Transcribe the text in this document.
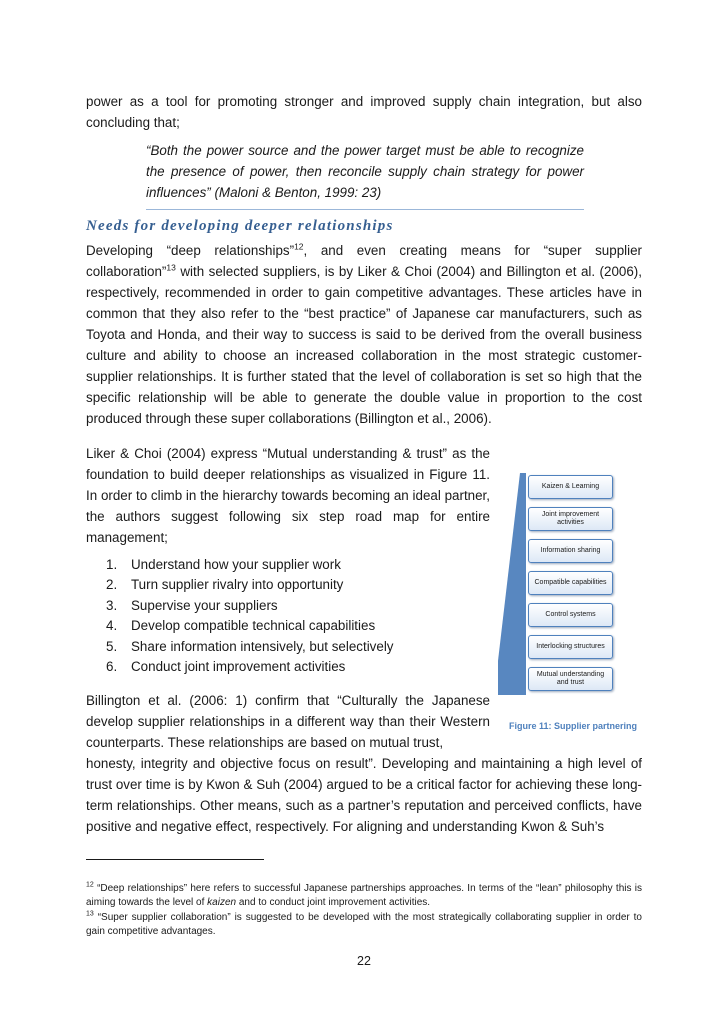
power as a tool for promoting stronger and improved supply chain integration, but also concluding that;

“Both the power source and the power target must be able to recognize the presence of power, then reconcile supply chain strategy for power influences” (Maloni & Benton, 1999: 23)

Needs for developing deeper relationships

Developing “deep relationships”$^{12}$, and even creating means for “super supplier collaboration”$^{13}$ with selected suppliers, is by Liker & Choi (2004) and Billington et al. (2006), respectively, recommended in order to gain competitive advantages. These articles have in common that they also refer to the “best practice” of Japanese car manufacturers, such as Toyota and Honda, and their way to success is said to be derived from the overall business culture and ability to choose an increased collaboration in the most strategic customer-supplier relationships. It is further stated that the level of collaboration is set so high that the specific relationship will be able to generate the double value in proportion to the cost produced through these super collaborations (Billington et al., 2006).

Liker & Choi (2004) express “Mutual understanding & trust” as the foundation to build deeper relationships as visualized in Figure 11. In order to climb in the hierarchy towards becoming an ideal partner, the authors suggest following six step road map for entire management;

1. Understand how your supplier work
2. Turn supplier rivalry into opportunity
3. Supervise your suppliers
4. Develop compatible technical capabilities
5. Share information intensively, but selectively
6. Conduct joint improvement activities

Billington et al. (2006: 1) confirm that “Culturally the Japanese develop supplier relationships in a different way than their Western counterparts. These relationships are based on mutual trust,

honesty, integrity and objective focus on result”. Developing and maintaining a high level of trust over time is by Kwon & Suh (2004) argued to be a critical factor for achieving these long-term relationships. Other means, such as a partner’s reputation and perceived conflicts, have positive and negative effect, respectively. For aligning and understanding Kwon & Suh’s

Kaizen & Learning
Joint improvement activities
Information sharing
Compatible capabilities
Control systems
Interlocking structures
Mutual understanding and trust
Figure 11: Supplier partnering

$^{12}$ “Deep relationships” here refers to successful Japanese partnerships approaches. In terms of the “lean” philosophy this is aiming towards the level of kaizen and to conduct joint improvement activities.

$^{13}$ “Super supplier collaboration” is suggested to be developed with the most strategically collaborating supplier in order to gain competitive advantages.

22
